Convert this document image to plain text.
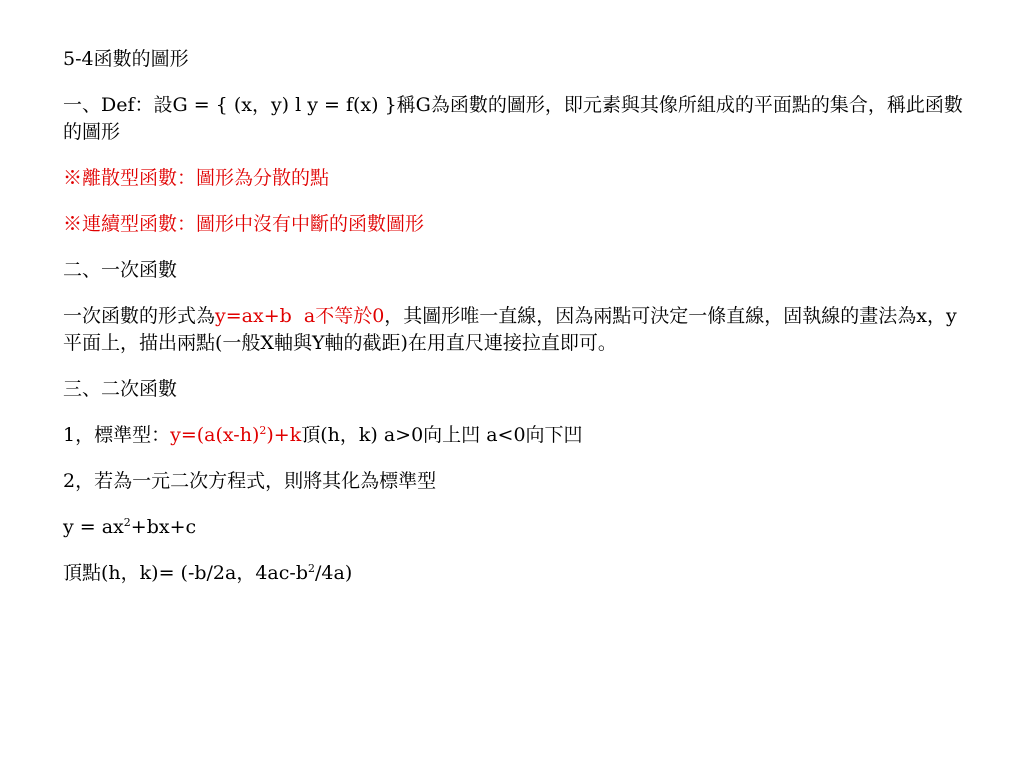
5-4函數的圖形
一、Def：設G = { (x，y) l y = f(x) }稱G為函數的圖形，即元素與其像所組成的平面點的集合，稱此函數的圖形
※離散型函數：圖形為分散的點
※連續型函數：圖形中沒有中斷的函數圖形
二、一次函數
一次函數的形式為y=ax+b  a不等於0，其圖形唯一直線，因為兩點可決定一條直線，固執線的畫法為x，y平面上，描出兩點(一般X軸與Y軸的截距)在用直尺連接拉直即可。
三、二次函數
1，標準型：$y=(a(x-h)^2)+k$頂(h，k) a>0向上凹 a<0向下凹
2，若為一元二次方程式，則將其化為標準型
$y = ax^2+bx+c$
頂點(h，k)= (-b/2a，$4ac-b^2/4a$)
